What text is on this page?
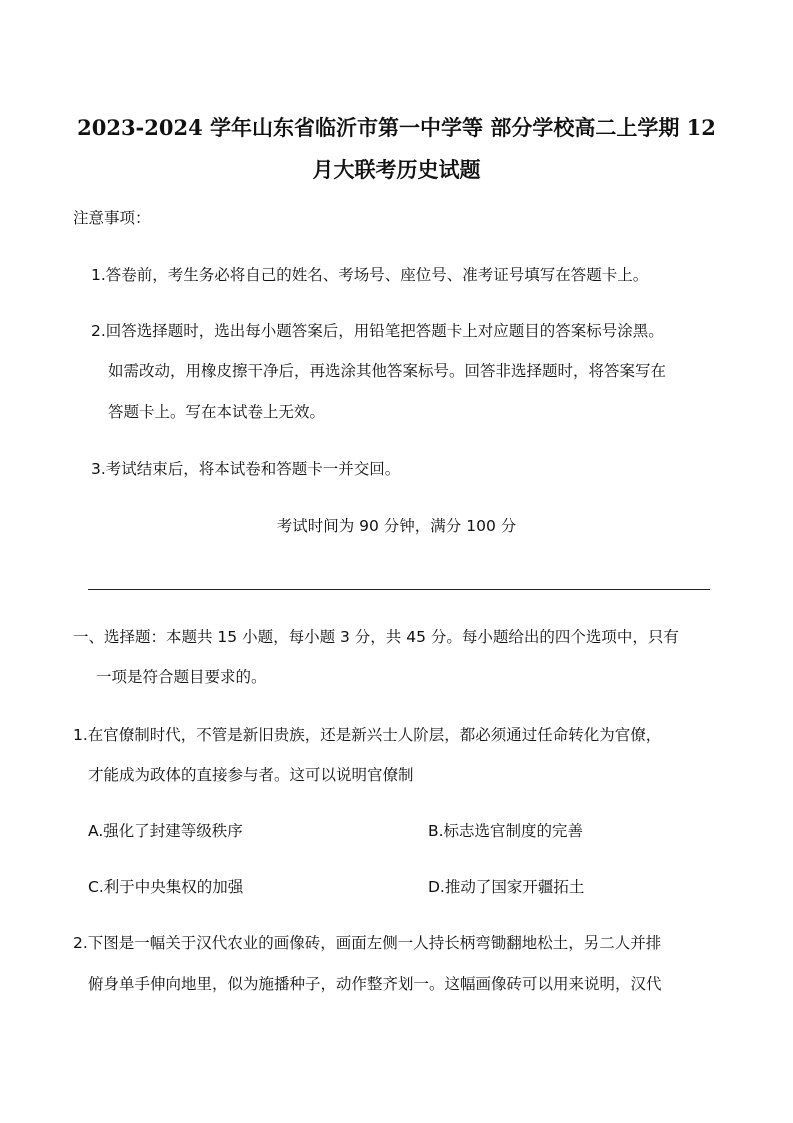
2023-2024 学年山东省临沂市第一中学等 部分学校高二上学期 12
月大联考历史试题
注意事项：
1.答卷前，考生务必将自己的姓名、考场号、座位号、准考证号填写在答题卡上。
2.回答选择题时，选出每小题答案后，用铅笔把答题卡上对应题目的答案标号涂黑。
如需改动，用橡皮擦干净后，再选涂其他答案标号。回答非选择题时，将答案写在
答题卡上。写在本试卷上无效。
3.考试结束后，将本试卷和答题卡一并交回。
考试时间为 90 分钟，满分 100 分
一、选择题：本题共 15 小题，每小题 3 分，共 45 分。每小题给出的四个选项中，只有
一项是符合题目要求的。
1.在官僚制时代，不管是新旧贵族，还是新兴士人阶层，都必须通过任命转化为官僚，
才能成为政体的直接参与者。这可以说明官僚制
A.强化了封建等级秩序	B.标志选官制度的完善
C.利于中央集权的加强	D.推动了国家开疆拓土
2.下图是一幅关于汉代农业的画像砖，画面左侧一人持长柄弯锄翻地松土，另二人并排
俯身单手伸向地里，似为施播种子，动作整齐划一。这幅画像砖可以用来说明，汉代
